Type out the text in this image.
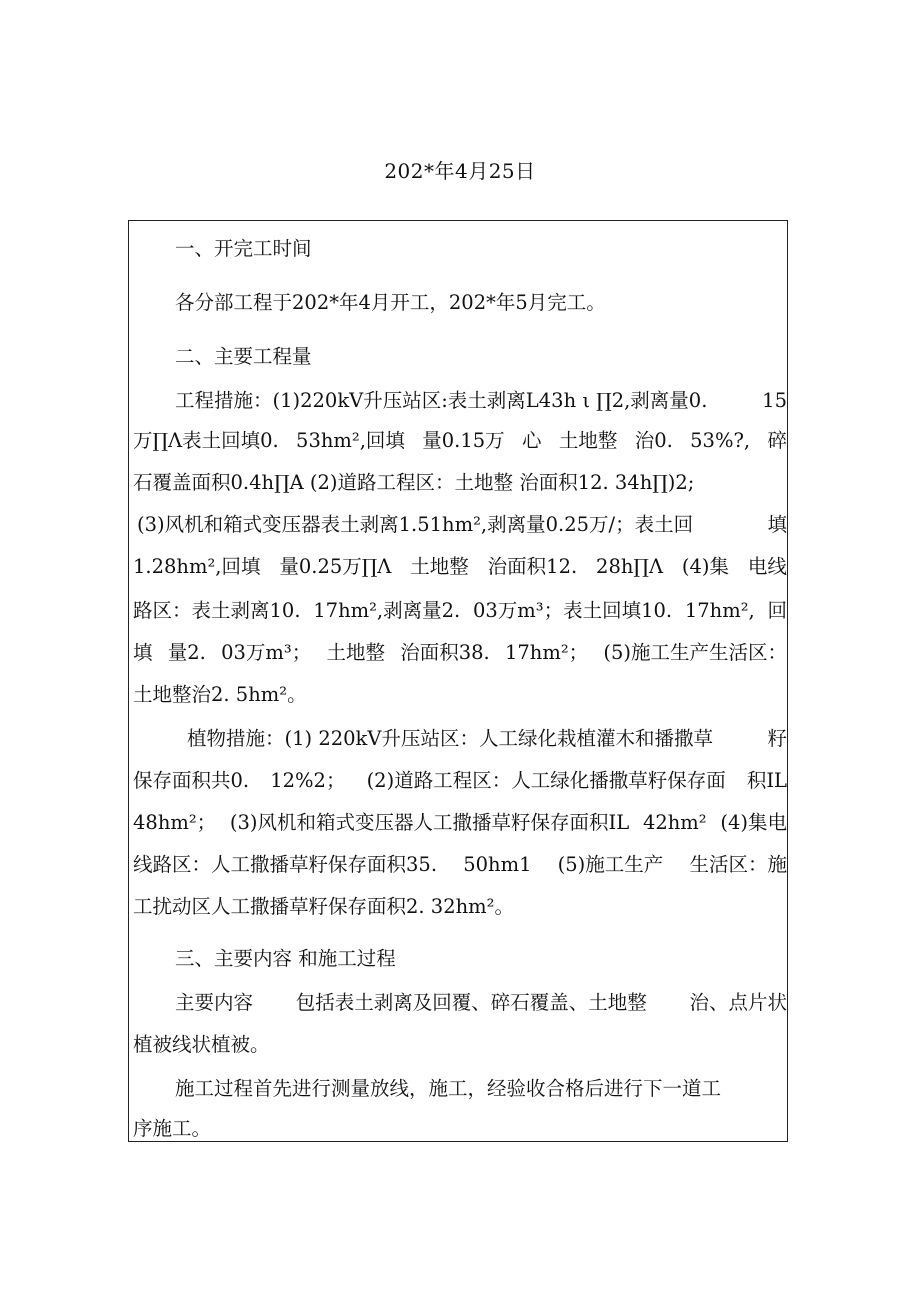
202*年4月25日
一、开完工时间
各分部工程于202*年4月开工，202*年5月完工。
二、主要工程量
工程措施：(1)220kV升压站区:表土剥离L43h ι ∏2,剥离量0.	15
万∏Λ表土回填0. 53hm²,回填 量0.15万 心 土地整 治0. 53%?, 碎
石覆盖面积0.4h∏A (2)道路工程区：土地整 治面积12. 34h∏)2;
(3)风机和箱式变压器表土剥离1.51hm²,剥离量0.25万/；表土回	填
1.28hm²,回填 量0.25万∏Λ 土地整 治面积12. 28h∏Λ (4)集 电线
路区：表土剥离10. 17hm²,剥离量2. 03万m³；表土回填10. 17hm², 回
填 量2. 03万m³； 土地整 治面积38. 17hm²； (5)施工生产生活区：
土地整治2. 5hm²。
植物措施：(1) 220kV升压站区：人工绿化栽植灌木和播撒草	籽
保存面积共0. 12%2； (2)道路工程区：人工绿化播撒草籽保存面 积IL
48hm²； (3)风机和箱式变压器人工撒播草籽保存面积IL 42hm² (4)集电
线路区：人工撒播草籽保存面积35. 50hm1 (5)施工生产 生活区：施
工扰动区人工撒播草籽保存面积2. 32hm²。
三、主要内容 和施工过程
主要内容 包括表土剥离及回覆、碎石覆盖、土地整 治、点片状
植被线状植被。
施工过程首先进行测量放线，施工，经验收合格后进行下一道工
序施工。
